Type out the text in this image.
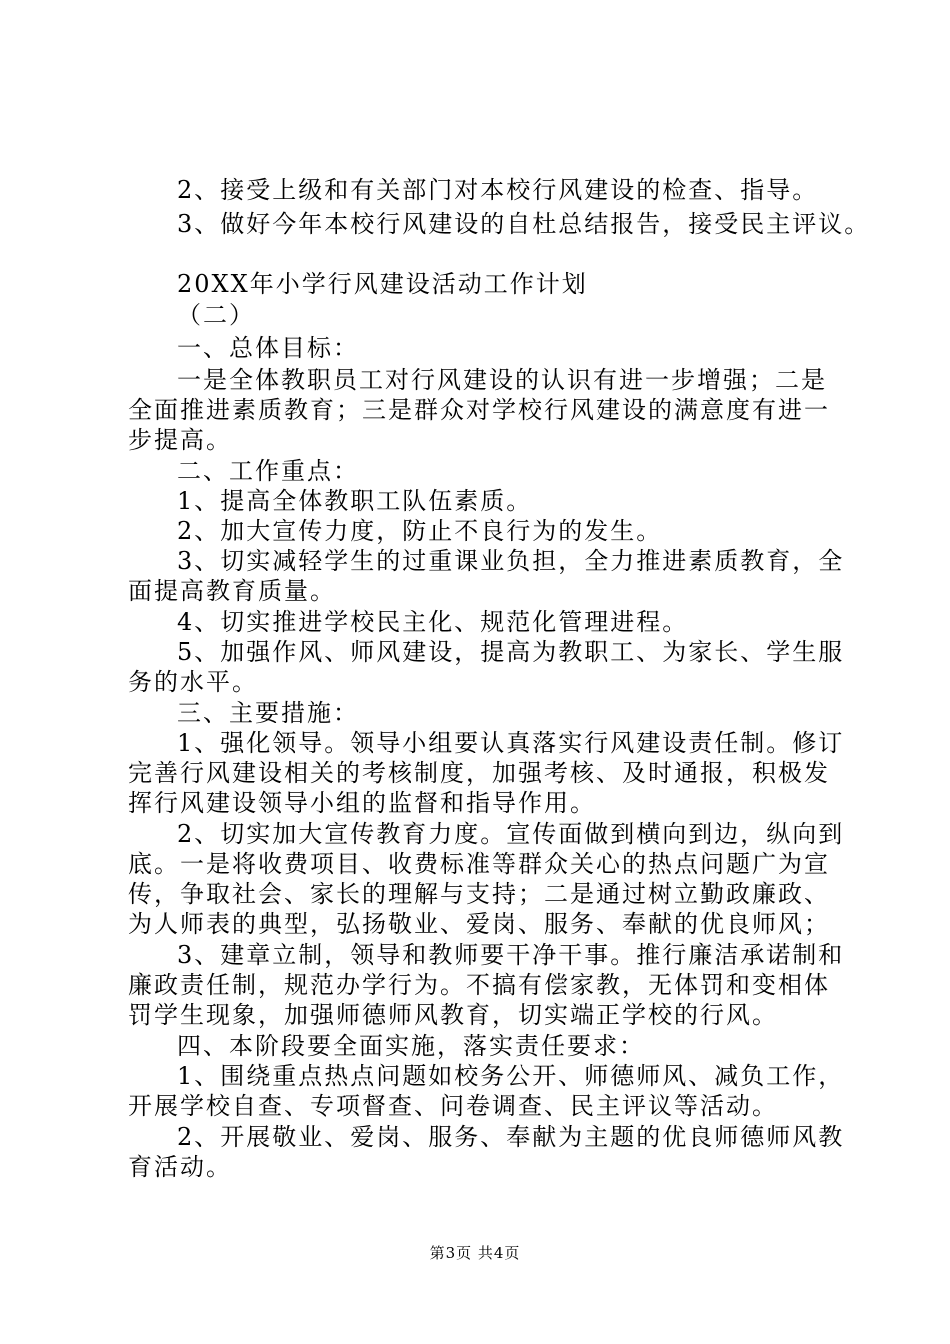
2、接受上级和有关部门对本校行风建设的检查、指导。
3、做好今年本校行风建设的自杜总结报告，接受民主评议。
20XX年小学行风建设活动工作计划
（二）
一、总体目标：
一是全体教职员工对行风建设的认识有进一步增强；二是
全面推进素质教育；三是群众对学校行风建设的满意度有进一
步提高。
二、工作重点：
1、提高全体教职工队伍素质。
2、加大宣传力度，防止不良行为的发生。
3、切实减轻学生的过重课业负担，全力推进素质教育，全
面提高教育质量。
4、切实推进学校民主化、规范化管理进程。
5、加强作风、师风建设，提高为教职工、为家长、学生服
务的水平。
三、主要措施：
1、强化领导。领导小组要认真落实行风建设责任制。修订
完善行风建设相关的考核制度，加强考核、及时通报，积极发
挥行风建设领导小组的监督和指导作用。
2、切实加大宣传教育力度。宣传面做到横向到边，纵向到
底。一是将收费项目、收费标准等群众关心的热点问题广为宣
传，争取社会、家长的理解与支持；二是通过树立勤政廉政、
为人师表的典型，弘扬敬业、爱岗、服务、奉献的优良师风；
3、建章立制，领导和教师要干净干事。推行廉洁承诺制和
廉政责任制，规范办学行为。不搞有偿家教，无体罚和变相体
罚学生现象，加强师德师风教育，切实端正学校的行风。
四、本阶段要全面实施，落实责任要求：
1、围绕重点热点问题如校务公开、师德师风、减负工作，
开展学校自查、专项督查、问卷调查、民主评议等活动。
2、开展敬业、爱岗、服务、奉献为主题的优良师德师风教
育活动。
第3页 共4页
